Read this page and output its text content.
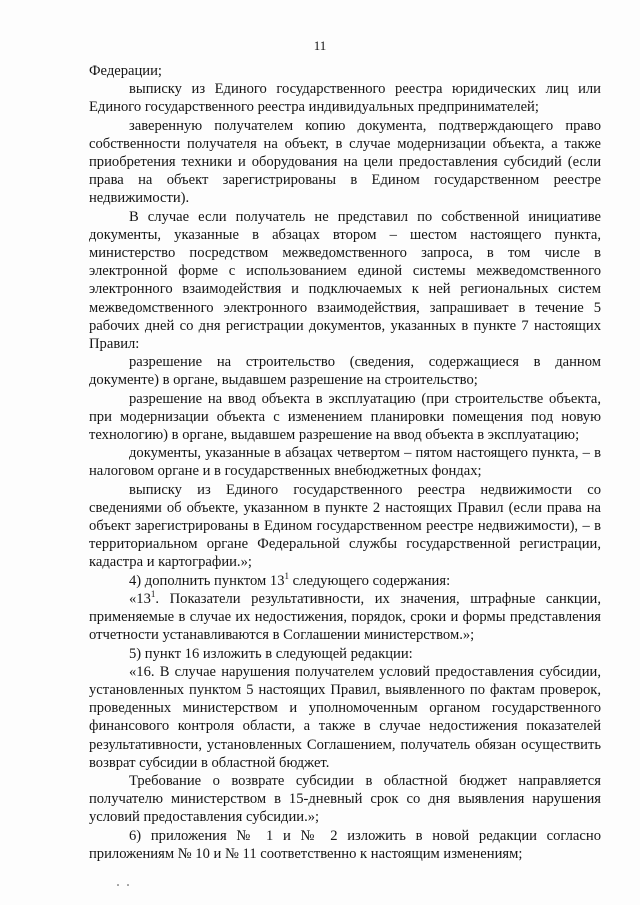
11

Федерации;

выписку из Единого государственного реестра юридических лиц или Единого государственного реестра индивидуальных предпринимателей;

заверенную получателем копию документа, подтверждающего право собственности получателя на объект, в случае модернизации объекта, а также приобретения техники и оборудования на цели предоставления субсидий (если права на объект зарегистрированы в Едином государственном реестре недвижимости).

В случае если получатель не представил по собственной инициативе документы, указанные в абзацах втором – шестом настоящего пункта, министерство посредством межведомственного запроса, в том числе в электронной форме с использованием единой системы межведомственного электронного взаимодействия и подключаемых к ней региональных систем межведомственного электронного взаимодействия, запрашивает в течение 5 рабочих дней со дня регистрации документов, указанных в пункте 7 настоящих Правил:

разрешение на строительство (сведения, содержащиеся в данном документе) в органе, выдавшем разрешение на строительство;

разрешение на ввод объекта в эксплуатацию (при строительстве объекта, при модернизации объекта с изменением планировки помещения под новую технологию) в органе, выдавшем разрешение на ввод объекта в эксплуатацию;

документы, указанные в абзацах четвертом – пятом настоящего пункта, – в налоговом органе и в государственных внебюджетных фондах;

выписку из Единого государственного реестра недвижимости со сведениями об объекте, указанном в пункте 2 настоящих Правил (если права на объект зарегистрированы в Едином государственном реестре недвижимости), – в территориальном органе Федеральной службы государственной регистрации, кадастра и картографии.»;

4) дополнить пунктом $13^1$ следующего содержания:

«$13^1$. Показатели результативности, их значения, штрафные санкции, применяемые в случае их недостижения, порядок, сроки и формы представления отчетности устанавливаются в Соглашении министерством.»;

5) пункт 16 изложить в следующей редакции:

«16. В случае нарушения получателем условий предоставления субсидии, установленных пунктом 5 настоящих Правил, выявленного по фактам проверок, проведенных министерством и уполномоченным органом государственного финансового контроля области, а также в случае недостижения показателей результативности, установленных Соглашением, получатель обязан осуществить возврат субсидии в областной бюджет.

Требование о возврате субсидии в областной бюджет направляется получателю министерством в 15-дневный срок со дня выявления нарушения условий предоставления субсидии.»;

6) приложения № 1 и № 2 изложить в новой редакции согласно приложениям № 10 и № 11 соответственно к настоящим изменениям;
